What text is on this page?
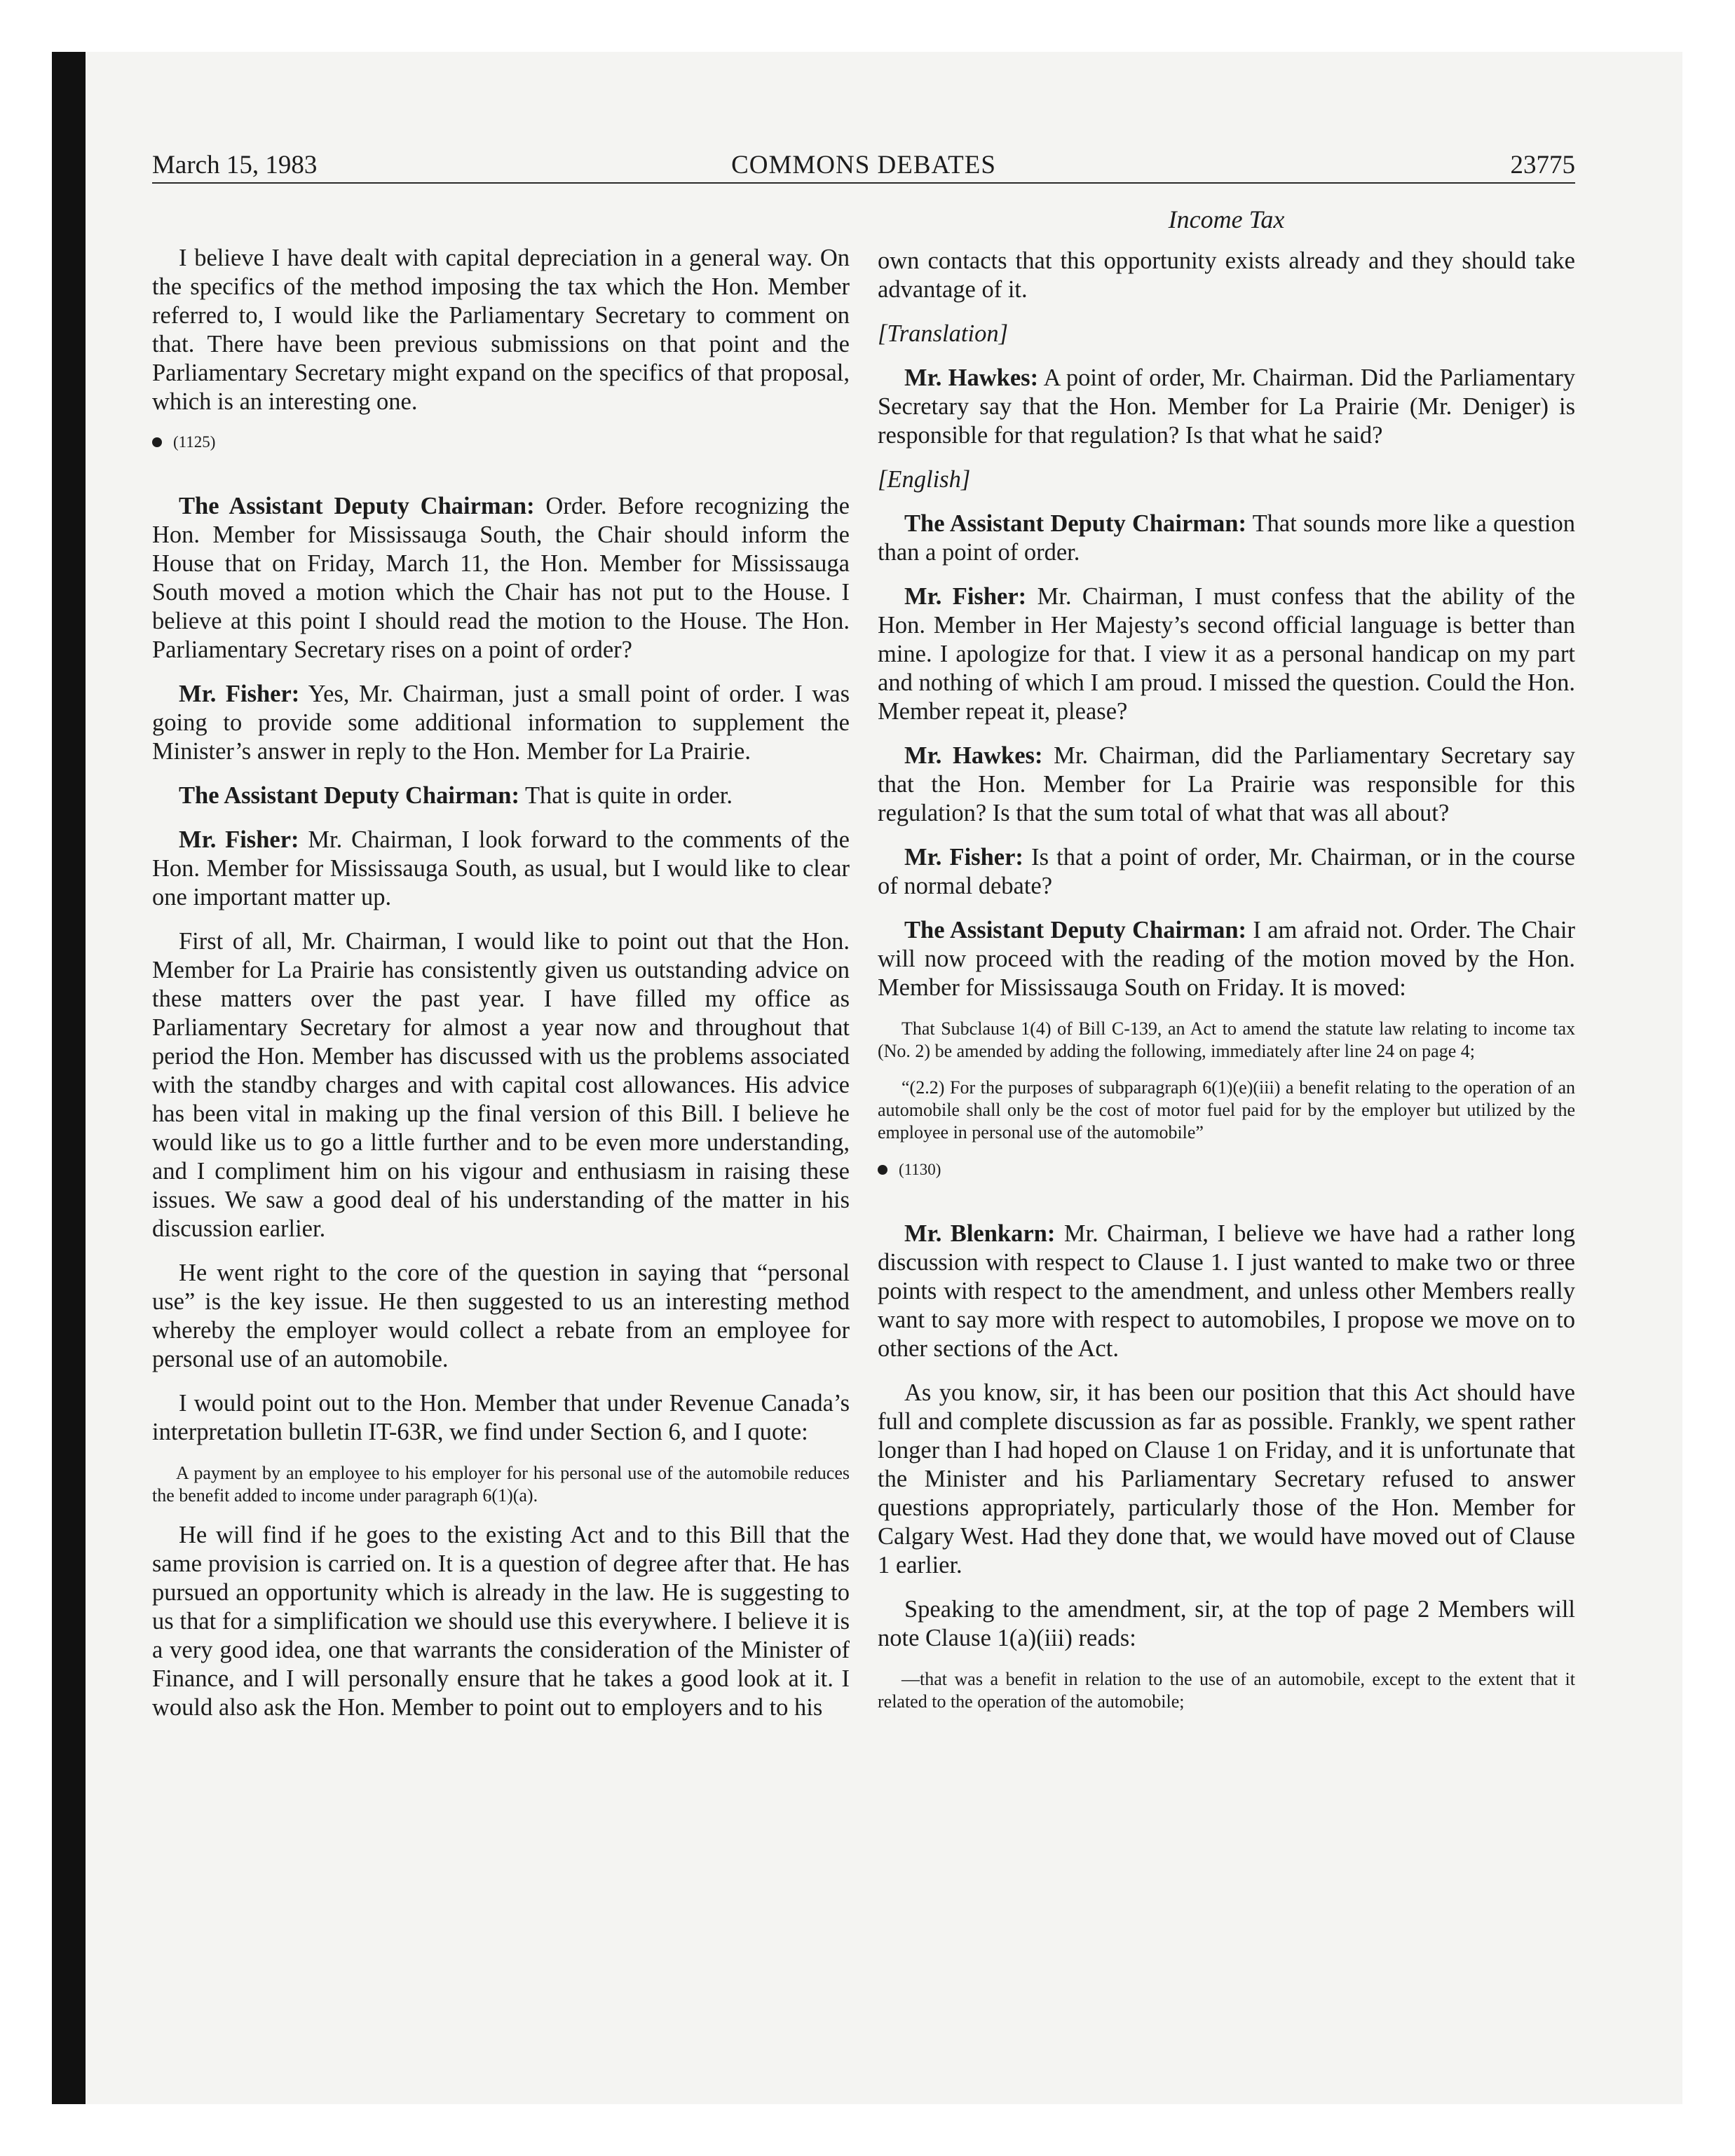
March 15, 1983	COMMONS DEBATES	23775
Income Tax

I believe I have dealt with capital depreciation in a general way. On the specifics of the method imposing the tax which the Hon. Member referred to, I would like the Parliamentary Secretary to comment on that. There have been previous submissions on that point and the Parliamentary Secretary might expand on the specifics of that proposal, which is an interesting one.

(1125)

The Assistant Deputy Chairman: Order. Before recognizing the Hon. Member for Mississauga South, the Chair should inform the House that on Friday, March 11, the Hon. Member for Mississauga South moved a motion which the Chair has not put to the House. I believe at this point I should read the motion to the House. The Hon. Parliamentary Secretary rises on a point of order?

Mr. Fisher: Yes, Mr. Chairman, just a small point of order. I was going to provide some additional information to supplement the Minister’s answer in reply to the Hon. Member for La Prairie.

The Assistant Deputy Chairman: That is quite in order.

Mr. Fisher: Mr. Chairman, I look forward to the comments of the Hon. Member for Mississauga South, as usual, but I would like to clear one important matter up.

First of all, Mr. Chairman, I would like to point out that the Hon. Member for La Prairie has consistently given us outstanding advice on these matters over the past year. I have filled my office as Parliamentary Secretary for almost a year now and throughout that period the Hon. Member has discussed with us the problems associated with the standby charges and with capital cost allowances. His advice has been vital in making up the final version of this Bill. I believe he would like us to go a little further and to be even more understanding, and I compliment him on his vigour and enthusiasm in raising these issues. We saw a good deal of his understanding of the matter in his discussion earlier.

He went right to the core of the question in saying that “personal use” is the key issue. He then suggested to us an interesting method whereby the employer would collect a rebate from an employee for personal use of an automobile.

I would point out to the Hon. Member that under Revenue Canada’s interpretation bulletin IT-63R, we find under Section 6, and I quote:

A payment by an employee to his employer for his personal use of the automobile reduces the benefit added to income under paragraph 6(1)(a).

He will find if he goes to the existing Act and to this Bill that the same provision is carried on. It is a question of degree after that. He has pursued an opportunity which is already in the law. He is suggesting to us that for a simplification we should use this everywhere. I believe it is a very good idea, one that warrants the consideration of the Minister of Finance, and I will personally ensure that he takes a good look at it. I would also ask the Hon. Member to point out to employers and to his

own contacts that this opportunity exists already and they should take advantage of it.

[Translation]

Mr. Hawkes: A point of order, Mr. Chairman. Did the Parliamentary Secretary say that the Hon. Member for La Prairie (Mr. Deniger) is responsible for that regulation? Is that what he said?

[English]

The Assistant Deputy Chairman: That sounds more like a question than a point of order.

Mr. Fisher: Mr. Chairman, I must confess that the ability of the Hon. Member in Her Majesty’s second official language is better than mine. I apologize for that. I view it as a personal handicap on my part and nothing of which I am proud. I missed the question. Could the Hon. Member repeat it, please?

Mr. Hawkes: Mr. Chairman, did the Parliamentary Secretary say that the Hon. Member for La Prairie was responsible for this regulation? Is that the sum total of what that was all about?

Mr. Fisher: Is that a point of order, Mr. Chairman, or in the course of normal debate?

The Assistant Deputy Chairman: I am afraid not. Order. The Chair will now proceed with the reading of the motion moved by the Hon. Member for Mississauga South on Friday. It is moved:

That Subclause 1(4) of Bill C-139, an Act to amend the statute law relating to income tax (No. 2) be amended by adding the following, immediately after line 24 on page 4;

“(2.2) For the purposes of subparagraph 6(1)(e)(iii) a benefit relating to the operation of an automobile shall only be the cost of motor fuel paid for by the employer but utilized by the employee in personal use of the automobile”

(1130)

Mr. Blenkarn: Mr. Chairman, I believe we have had a rather long discussion with respect to Clause 1. I just wanted to make two or three points with respect to the amendment, and unless other Members really want to say more with respect to automobiles, I propose we move on to other sections of the Act.

As you know, sir, it has been our position that this Act should have full and complete discussion as far as possible. Frankly, we spent rather longer than I had hoped on Clause 1 on Friday, and it is unfortunate that the Minister and his Parliamentary Secretary refused to answer questions appropriately, particularly those of the Hon. Member for Calgary West. Had they done that, we would have moved out of Clause 1 earlier.

Speaking to the amendment, sir, at the top of page 2 Members will note Clause 1(a)(iii) reads:

—that was a benefit in relation to the use of an automobile, except to the extent that it related to the operation of the automobile;
